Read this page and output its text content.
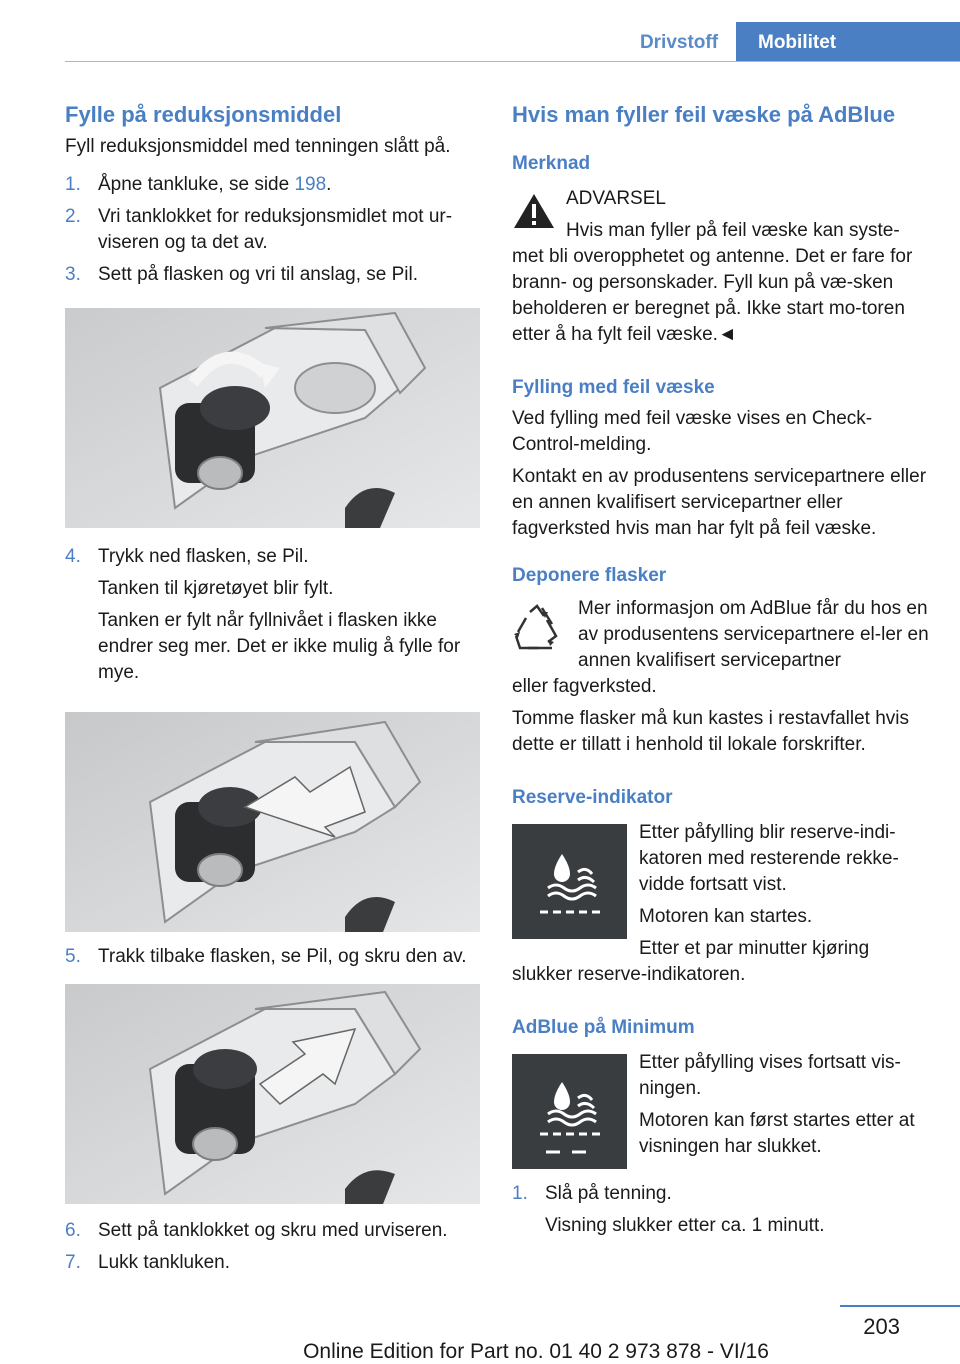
Drivstoff	Mobilitet
Fylle på reduksjonsmiddel

Fyll reduksjonsmiddel med tenningen slått på.

1. Åpne tankluke, se side 198.
2. Vri tanklokket for reduksjonsmidlet mot ur-viseren og ta det av.
3. Sett på flasken og vri til anslag, se Pil.
4. Trykk ned flasken, se Pil.
Tanken til kjøretøyet blir fylt.
Tanken er fylt når fyllnivået i flasken ikke endrer seg mer. Det er ikke mulig å fylle for mye.
5. Trakk tilbake flasken, se Pil, og skru den av.
6. Sett på tanklokket og skru med urviseren.
7. Lukk tankluken.
Hvis man fyller feil væske på AdBlue
Merknad

ADVARSEL

Hvis man fyller på feil væske kan syste-

met bli overopphetet og antenne. Det er fare for brann- og personskader. Fyll kun på væ-sken beholderen er beregnet på. Ikke start mo-toren etter å ha fylt feil væske.◄

Fylling med feil væske

Ved fylling med feil væske vises en Check-Control-melding.

Kontakt en av produsentens servicepartnere eller en annen kvalifisert servicepartner eller fagverksted hvis man har fylt på feil væske.

Deponere flasker

Mer informasjon om AdBlue får du hos en av produsentens servicepartnere el-ler en annen kvalifisert servicepartner

eller fagverksted.

Tomme flasker må kun kastes i restavfallet hvis dette er tillatt i henhold til lokale forskrifter.

Reserve-indikator

Etter påfylling blir reserve-indi-katoren med resterende rekke-vidde fortsatt vist.

Motoren kan startes.

Etter et par minutter kjøring

slukker reserve-indikatoren.

AdBlue på Minimum

Etter påfylling vises fortsatt vis-ningen.

Motoren kan først startes etter at visningen har slukket.

1. Slå på tenning.
Visning slukker etter ca. 1 minutt.
203
Online Edition for Part no. 01 40 2 973 878 - VI/16
